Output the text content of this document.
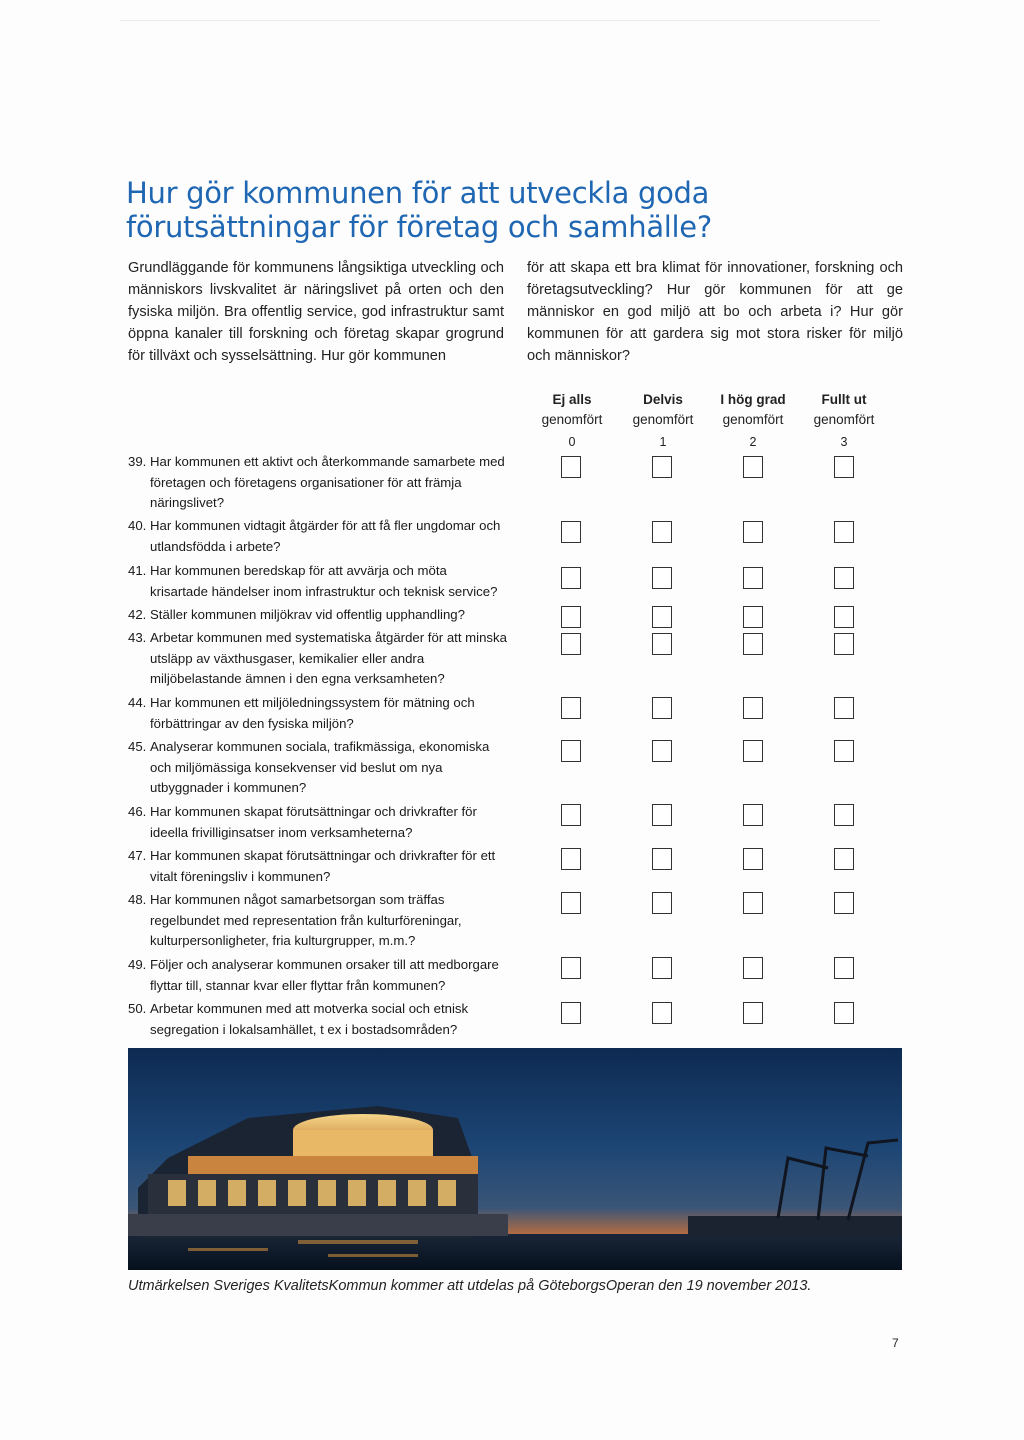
Hur gör kommunen för att utveckla goda förutsättningar för företag och samhälle?

Grundläggande för kommunens långsiktiga utveckling och människors livskvalitet är näringslivet på orten och den fysiska miljön. Bra offentlig service, god infrastruktur samt öppna kanaler till forskning och företag skapar grogrund för tillväxt och sysselsättning. Hur gör kommunen

för att skapa ett bra klimat för innovationer, forskning och företagsutveckling? Hur gör kommunen för att ge människor en god miljö att bo och arbeta i? Hur gör kommunen för att gardera sig mot stora risker för miljö och människor?

Ej alls
genomfört
0
Delvis
genomfört
1
I hög grad
genomfört
2
Fullt ut
genomfört
3
39. Har kommunen ett aktivt och återkommande samarbete med företagen och företagens organisationer för att främja näringslivet?
40. Har kommunen vidtagit åtgärder för att få fler ungdomar och utlandsfödda i arbete?
41. Har kommunen beredskap för att avvärja och möta krisartade händelser inom infrastruktur och teknisk service?
42. Ställer kommunen miljökrav vid offentlig upphandling?
43. Arbetar kommunen med systematiska åtgärder för att minska utsläpp av växthusgaser, kemikalier eller andra miljöbelastande ämnen i den egna verksamheten?
44. Har kommunen ett miljöledningssystem för mätning och förbättringar av den fysiska miljön?
45. Analyserar kommunen sociala, trafikmässiga, ekonomiska och miljömässiga konsekvenser vid beslut om nya utbyggnader i kommunen?
46. Har kommunen skapat förutsättningar och drivkrafter för ideella frivilliginsatser inom verksamheterna?
47. Har kommunen skapat förutsättningar och drivkrafter för ett vitalt föreningsliv i kommunen?
48. Har kommunen något samarbetsorgan som träffas regelbundet med representation från kulturföreningar, kulturpersonligheter, fria kulturgrupper, m.m.?
49. Följer och analyserar kommunen orsaker till att medborgare flyttar till, stannar kvar eller flyttar från kommunen?
50. Arbetar kommunen med att motverka social och etnisk segregation i lokalsamhället, t ex i bostadsområden?

Utmärkelsen Sveriges KvalitetsKommun kommer att utdelas på GöteborgsOperan den 19 november 2013.

7
